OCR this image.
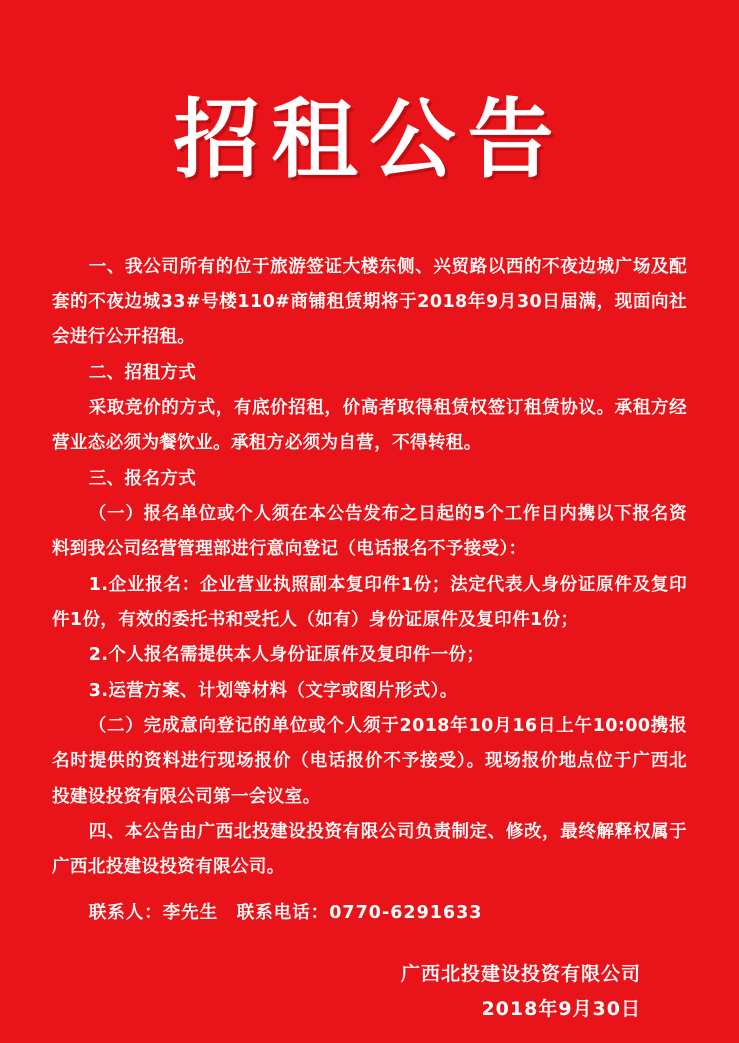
招租公告

一、我公司所有的位于旅游签证大楼东侧、兴贸路以西的不夜边城广场及配套的不夜边城33#号楼110#商铺租赁期将于2018年9月30日届满，现面向社会进行公开招租。

二、招租方式

采取竞价的方式，有底价招租，价高者取得租赁权签订租赁协议。承租方经营业态必须为餐饮业。承租方必须为自营，不得转租。

三、报名方式

（一）报名单位或个人须在本公告发布之日起的5个工作日内携以下报名资料到我公司经营管理部进行意向登记（电话报名不予接受）：

1.企业报名：企业营业执照副本复印件1份；法定代表人身份证原件及复印件1份，有效的委托书和受托人（如有）身份证原件及复印件1份；

2.个人报名需提供本人身份证原件及复印件一份；

3.运营方案、计划等材料（文字或图片形式）。

（二）完成意向登记的单位或个人须于2018年10月16日上午10:00携报名时提供的资料进行现场报价（电话报价不予接受）。现场报价地点位于广西北投建设投资有限公司第一会议室。

四、本公告由广西北投建设投资有限公司负责制定、修改，最终解释权属于广西北投建设投资有限公司。

联系人：李先生　联系电话：0770-6291633

广西北投建设投资有限公司

2018年9月30日
